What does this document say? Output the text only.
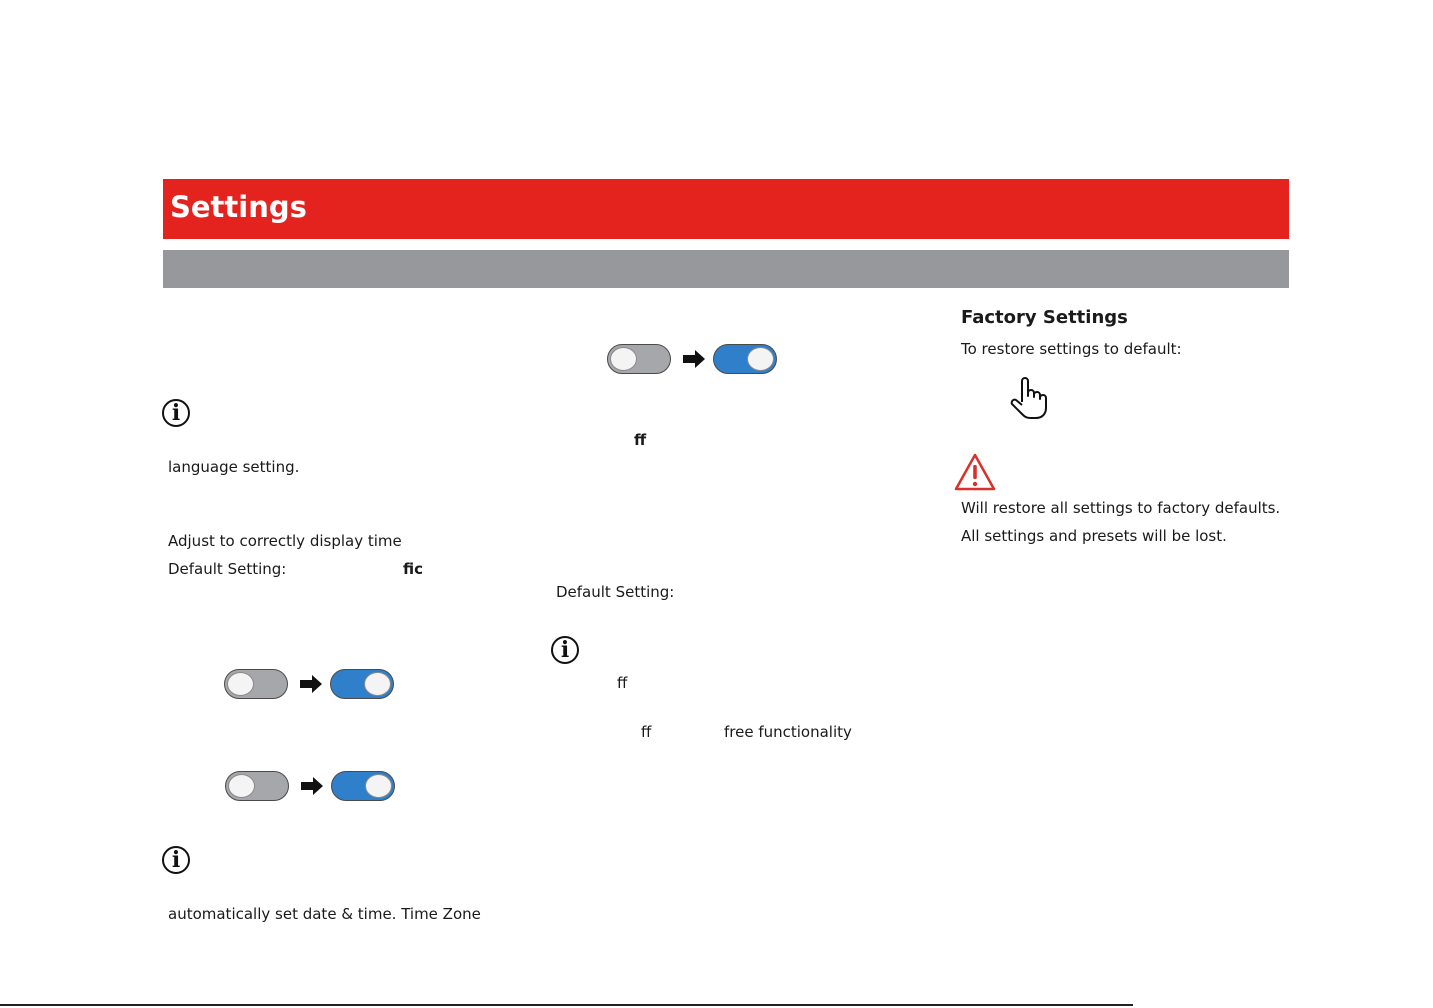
Settings
i
language setting.
Adjust to correctly display time
Default Setting:	fic
i
automatically set date & time. Time Zone
ff
Default Setting:
i
ff
ff	free functionality
Factory Settings
To restore settings to default:
Will restore all settings to factory defaults.
All settings and presets will be lost.
